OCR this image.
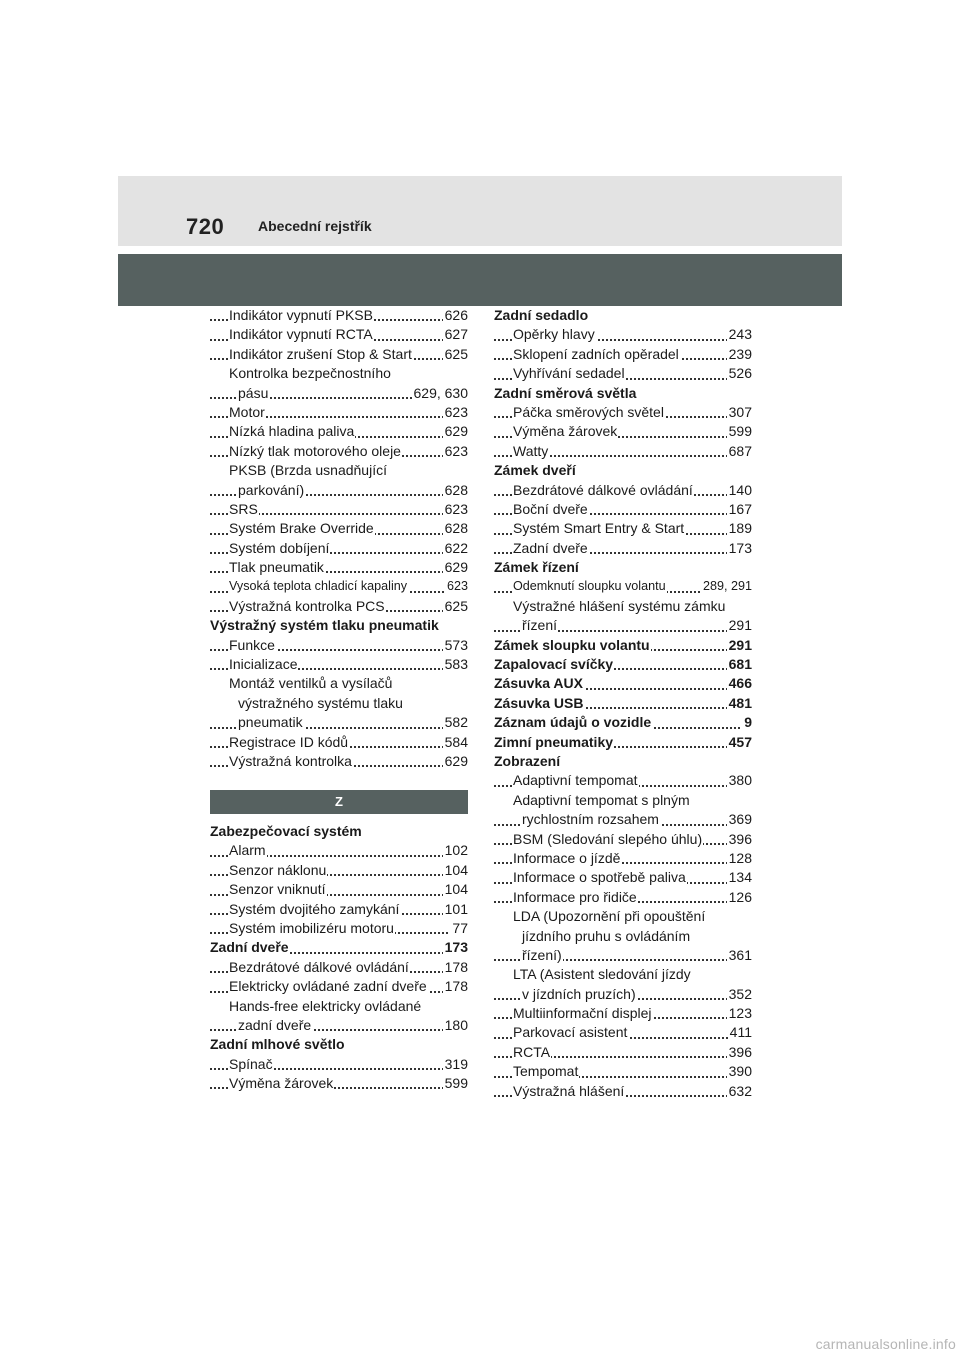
720 Abecední rejstřík
Indikátor vypnutí PKSB	626
Indikátor vypnutí RCTA	627
Indikátor zrušení Stop & Start 625
Kontrolka bezpečnostního
pásu	629, 630
Motor	623
Nízká hladina paliva	629
Nízký tlak motorového oleje	623
PKSB (Brzda usnadňující
parkování)	628
SRS	623
Systém Brake Override	628
Systém dobíjení	622
Tlak pneumatik	629
Vysoká teplota chladicí kapaliny	623
Výstražná kontrolka PCS	625
Výstražný systém tlaku pneumatik
Funkce	573
Inicializace	583
Montáž ventilků a vysílačů
výstražného systému tlaku
pneumatik	582
Registrace ID kódů	584
Výstražná kontrolka	629
Z
Zabezpečovací systém
Alarm	102
Senzor náklonu	104
Senzor vniknutí	104
Systém dvojitého zamykání	101
Systém imobilizéru motoru	77
Zadní dveře	173
Bezdrátové dálkové ovládání	178
Elektricky ovládané zadní dveře 178
Hands-free elektricky ovládané
zadní dveře	180
Zadní mlhové světlo
Spínač	319
Výměna žárovek	599
Zadní sedadlo
Opěrky hlavy	243
Sklopení zadních opěradel	239
Vyhřívání sedadel	526
Zadní směrová světla
Páčka směrových světel	307
Výměna žárovek	599
Watty	687
Zámek dveří
Bezdrátové dálkové ovládání	140
Boční dveře	167
Systém Smart Entry & Start	189
Zadní dveře	173
Zámek řízení
Odemknutí sloupku volantu	289, 291
Výstražné hlášení systému zámku
řízení	291
Zámek sloupku volantu	291
Zapalovací svíčky	681
Zásuvka AUX	466
Zásuvka USB	481
Záznam údajů o vozidle	9
Zimní pneumatiky	457
Zobrazení
Adaptivní tempomat	380
Adaptivní tempomat s plným
rychlostním rozsahem	369
BSM (Sledování slepého úhlu) 396
Informace o jízdě	128
Informace o spotřebě paliva	134
Informace pro řidiče	126
LDA (Upozornění při opouštění
jízdního pruhu s ovládáním
řízení)	361
LTA (Asistent sledování jízdy
v jízdních pruzích)	352
Multiinformační displej	123
Parkovací asistent	411
RCTA	396
Tempomat	390
Výstražná hlášení	632
carmanualsonline.info
